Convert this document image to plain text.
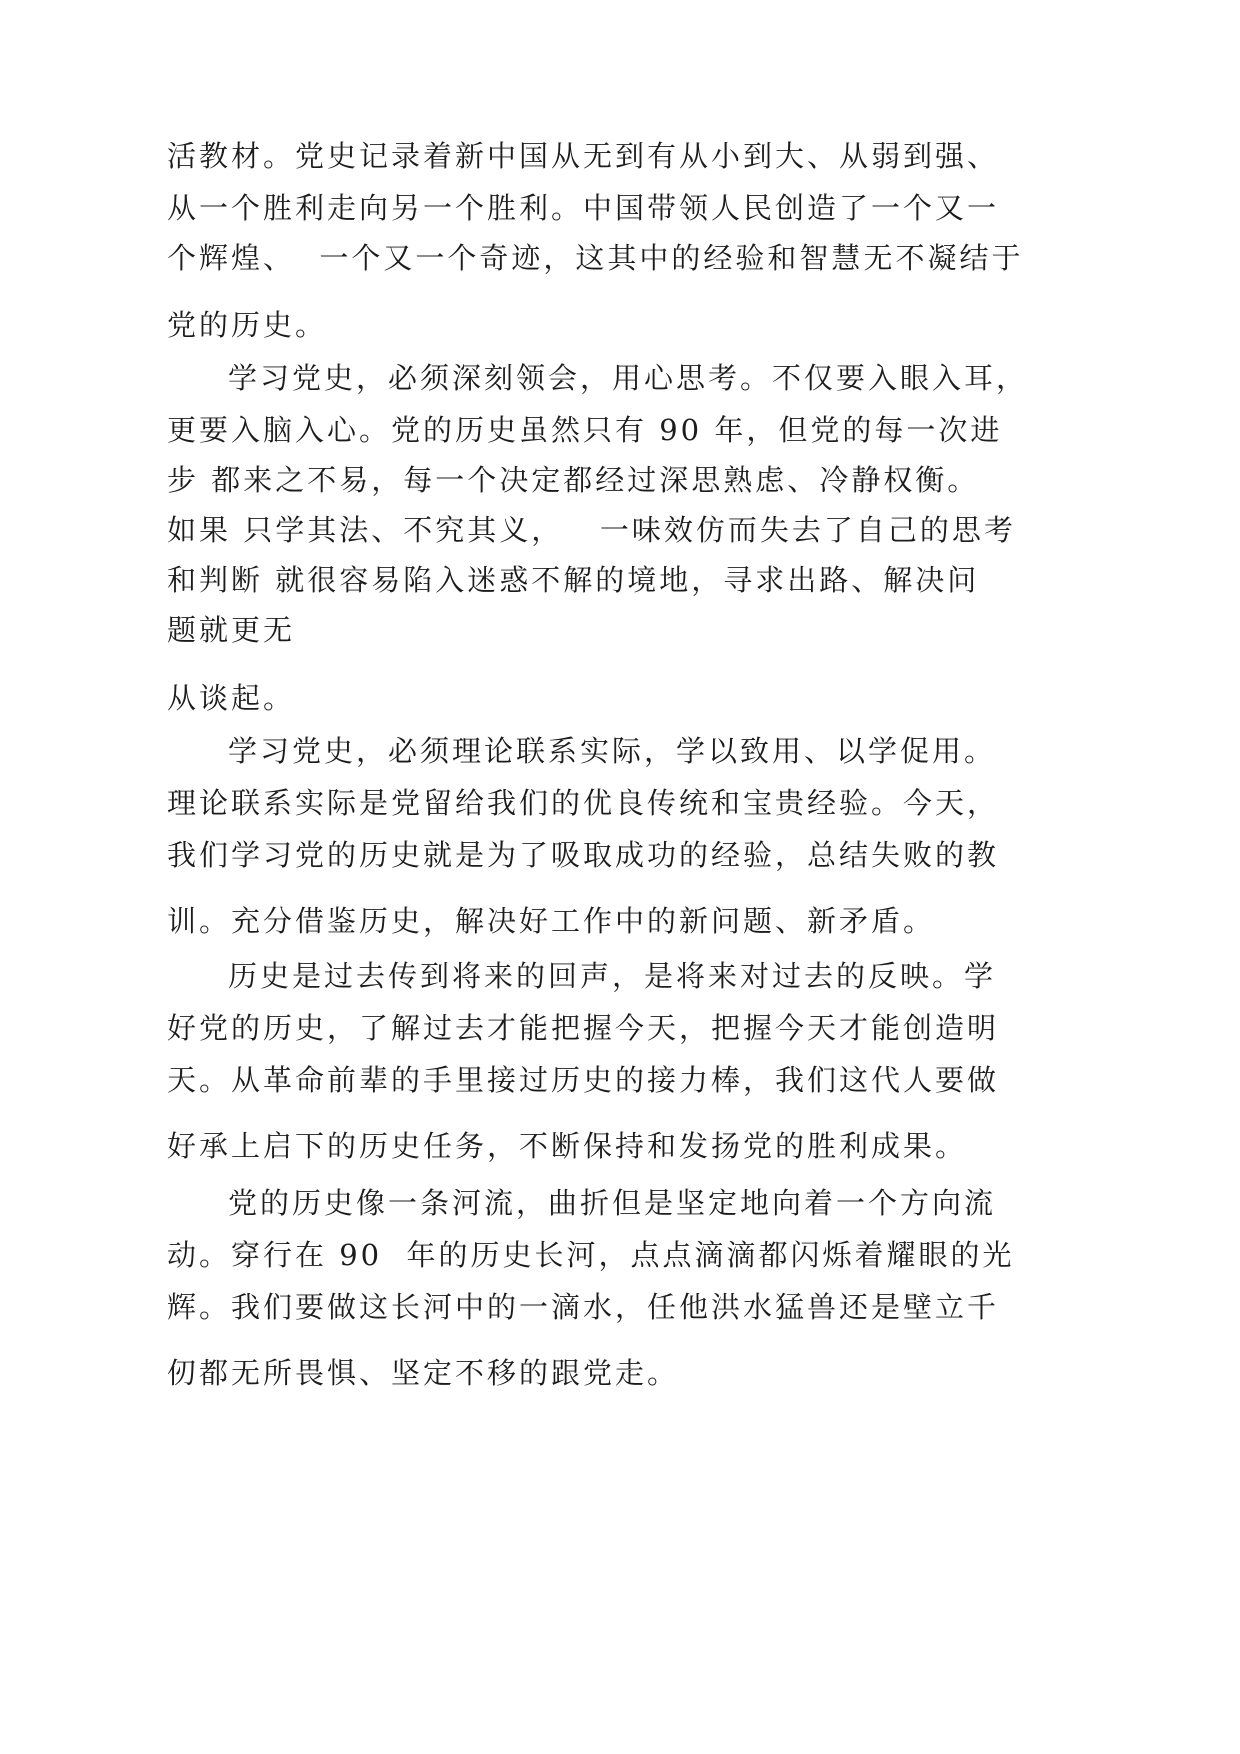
活教材。党史记录着新中国从无到有从小到大、从弱到强、
从一个胜利走向另一个胜利。中国带领人民创造了一个又一
个辉煌、  一个又一个奇迹，这其中的经验和智慧无不凝结于
党的历史。
学习党史，必须深刻领会，用心思考。不仅要入眼入耳，
更要入脑入心。党的历史虽然只有 90 年，但党的每一次进
步 都来之不易，每一个决定都经过深思熟虑、冷静权衡。
如果 只学其法、不究其义，   一味效仿而失去了自己的思考
和判断 就很容易陷入迷惑不解的境地，寻求出路、解决问
题就更无
从谈起。
学习党史，必须理论联系实际，学以致用、以学促用。
理论联系实际是党留给我们的优良传统和宝贵经验。今天，
我们学习党的历史就是为了吸取成功的经验，总结失败的教
训。充分借鉴历史，解决好工作中的新问题、新矛盾。
历史是过去传到将来的回声，是将来对过去的反映。学
好党的历史，了解过去才能把握今天，把握今天才能创造明
天。从革命前辈的手里接过历史的接力棒，我们这代人要做
好承上启下的历史任务，不断保持和发扬党的胜利成果。
党的历史像一条河流，曲折但是坚定地向着一个方向流
动。穿行在 90  年的历史长河，点点滴滴都闪烁着耀眼的光
辉。我们要做这长河中的一滴水，任他洪水猛兽还是壁立千
仞都无所畏惧、坚定不移的跟党走。
